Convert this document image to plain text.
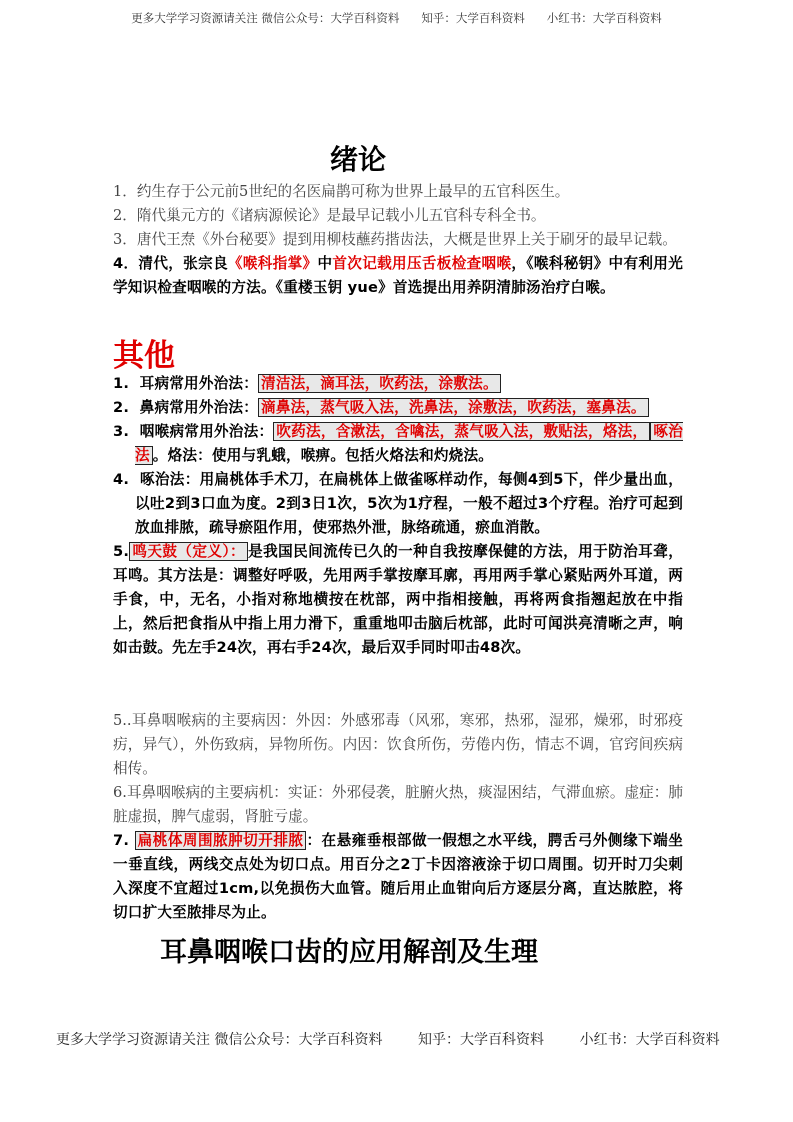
更多大学学习资源请关注 微信公众号：大学百科资料      知乎：大学百科资料      小红书：大学百科资料
绪论
1．约生存于公元前5世纪的名医扁鹊可称为世界上最早的五官科医生。
2．隋代巢元方的《诸病源候论》是最早记载小儿五官科专科全书。
3．唐代王焘《外台秘要》提到用柳枝蘸药揩齿法，大概是世界上关于刷牙的最早记载。
4．清代，张宗良《喉科指掌》中首次记载用压舌板检查咽喉，《喉科秘钥》中有利用光学知识检查咽喉的方法。《重楼玉钥 yue》首选提出用养阴清肺汤治疗白喉。
其他
1. 耳病常用外治法： 清洁法，滴耳法，吹药法，涂敷法。
2. 鼻病常用外治法： 滴鼻法，蒸气吸入法，洗鼻法，涂敷法，吹药法，塞鼻法。
3. 咽喉病常用外治法： 吹药法，含漱法，含噙法，蒸气吸入法，敷贴法，烙法， 啄治法 。烙法：使用与乳蛾，喉痹。包括火烙法和灼烧法。
4. 啄治法：用扁桃体手术刀，在扁桃体上做雀啄样动作，每侧4到5下，伴少量出血，以吐2到3口血为度。2到3日1次，5次为1疗程，一般不超过3个疗程。治疗可起到放血排脓，疏导瘀阻作用，使邪热外泄，脉络疏通，瘀血消散。
5. 鸣天鼓（定义）： 是我国民间流传已久的一种自我按摩保健的方法，用于防治耳聋，耳鸣。其方法是：调整好呼吸，先用两手掌按摩耳廓，再用两手掌心紧贴两外耳道，两手食，中，无名，小指对称地横按在枕部，两中指相接触，再将两食指翘起放在中指上，然后把食指从中指上用力滑下，重重地叩击脑后枕部，此时可闻洪亮清晰之声，响如击鼓。先左手24次，再右手24次，最后双手同时叩击48次。
5..耳鼻咽喉病的主要病因：外因：外感邪毒（风邪，寒邪，热邪，湿邪，燥邪，时邪疫疠，异气），外伤致病，异物所伤。内因：饮食所伤，劳倦内伤，情志不调，官窍间疾病相传。
6.耳鼻咽喉病的主要病机：实证：外邪侵袭，脏腑火热，痰湿困结，气滞血瘀。虚症：肺脏虚损，脾气虚弱，肾脏亏虚。
7. 扁桃体周围脓肿切开排脓 ：在悬雍垂根部做一假想之水平线，腭舌弓外侧缘下端坐一垂直线，两线交点处为切口点。用百分之2丁卡因溶液涂于切口周围。切开时刀尖刺入深度不宜超过1cm,以免损伤大血管。随后用止血钳向后方逐层分离，直达脓腔，将切口扩大至脓排尽为止。
耳鼻咽喉口齿的应用解剖及生理
更多大学学习资源请关注 微信公众号：大学百科资料        知乎：大学百科资料        小红书：大学百科资料
